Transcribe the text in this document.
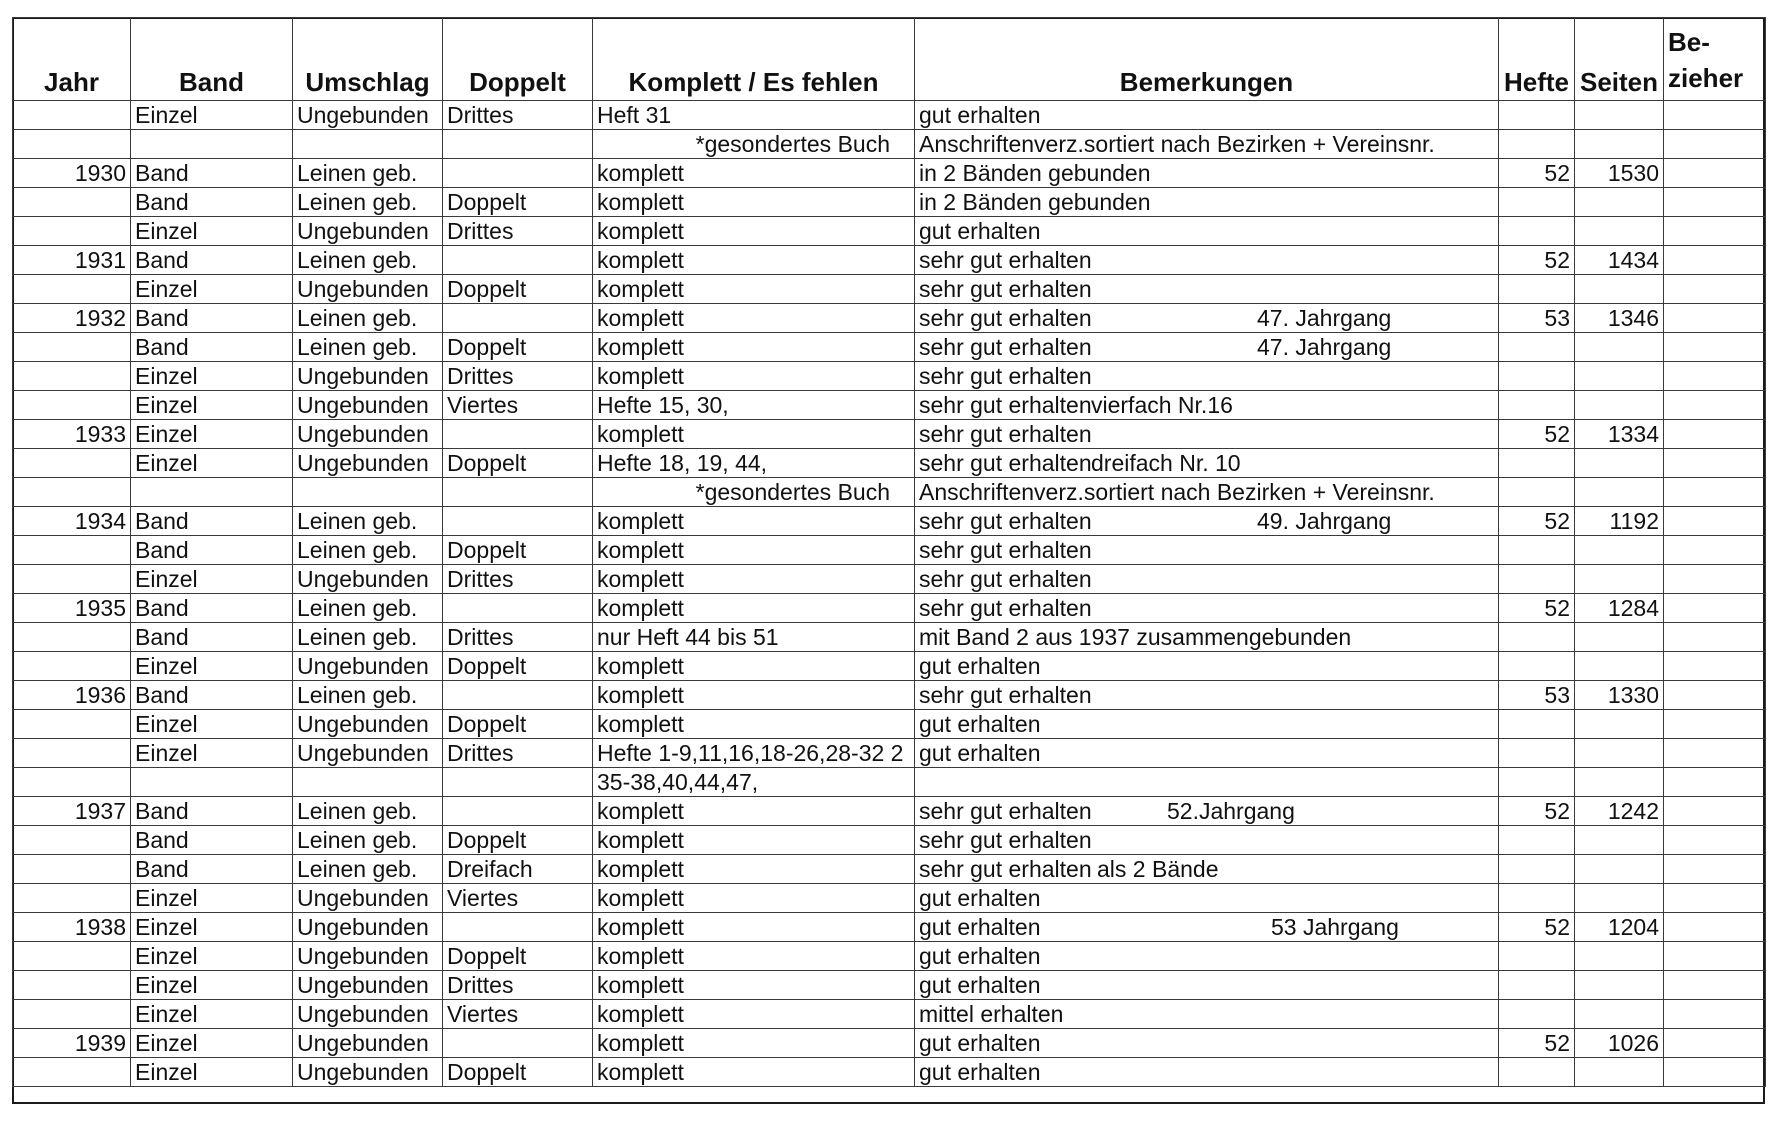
Jahr	Band	Umschlag	Doppelt	Komplett / Es fehlen	Bemerkungen	Hefte	Seiten	Be-
zieher
	Einzel	Ungebunden	Drittes	Heft 31	gut erhalten			
				*gesondertes Buch	Anschriftenverz.sortiert nach Bezirken + Vereinsnr.			
1930	Band	Leinen geb.		komplett	in 2 Bänden gebunden	52	1530	
	Band	Leinen geb.	Doppelt	komplett	in 2 Bänden gebunden			
	Einzel	Ungebunden	Drittes	komplett	gut erhalten			
1931	Band	Leinen geb.		komplett	sehr gut erhalten	52	1434	
	Einzel	Ungebunden	Doppelt	komplett	sehr gut erhalten			
1932	Band	Leinen geb.		komplett	sehr gut erhalten 47. Jahrgang	53	1346	
	Band	Leinen geb.	Doppelt	komplett	sehr gut erhalten 47. Jahrgang			

	Einzel	Ungebunden	Drittes	komplett	sehr gut erhalten			
	Einzel	Ungebunden	Viertes	Hefte 15, 30,	sehr gut erhalten vierfach Nr.16			

1933	Einzel	Ungebunden		komplett	sehr gut erhalten	52	1334	
	Einzel	Ungebunden	Doppelt	Hefte 18, 19, 44,	sehr gut erhalten dreifach Nr. 10			

				*gesondertes Buch	Anschriftenverz.sortiert nach Bezirken + Vereinsnr.			
1934	Band	Leinen geb.		komplett	sehr gut erhalten 49. Jahrgang	52	1192	
	Band	Leinen geb.	Doppelt	komplett	sehr gut erhalten			
	Einzel	Ungebunden	Drittes	komplett	sehr gut erhalten			
1935	Band	Leinen geb.		komplett	sehr gut erhalten	52	1284	
	Band	Leinen geb.	Drittes	nur Heft 44 bis 51	mit Band 2 aus 1937 zusammengebunden			
	Einzel	Ungebunden	Doppelt	komplett	gut erhalten			
1936	Band	Leinen geb.		komplett	sehr gut erhalten	53	1330	
	Einzel	Ungebunden	Doppelt	komplett	gut erhalten			
	Einzel	Ungebunden	Drittes	Hefte 1-9,11,16,18-26,28-32 2	gut erhalten			
				35-38,40,44,47,				
1937	Band	Leinen geb.		komplett	sehr gut erhalten 52.Jahrgang	52	1242	
	Band	Leinen geb.	Doppelt	komplett	sehr gut erhalten			
	Band	Leinen geb.	Dreifach	komplett	sehr gut erhalten als 2 Bände			

	Einzel	Ungebunden	Viertes	komplett	gut erhalten			
1938	Einzel	Ungebunden		komplett	gut erhalten 53 Jahrgang	52	1204	
	Einzel	Ungebunden	Doppelt	komplett	gut erhalten			
	Einzel	Ungebunden	Drittes	komplett	gut erhalten			
	Einzel	Ungebunden	Viertes	komplett	mittel erhalten			
1939	Einzel	Ungebunden		komplett	gut erhalten	52	1026	
	Einzel	Ungebunden	Doppelt	komplett	gut erhalten			
